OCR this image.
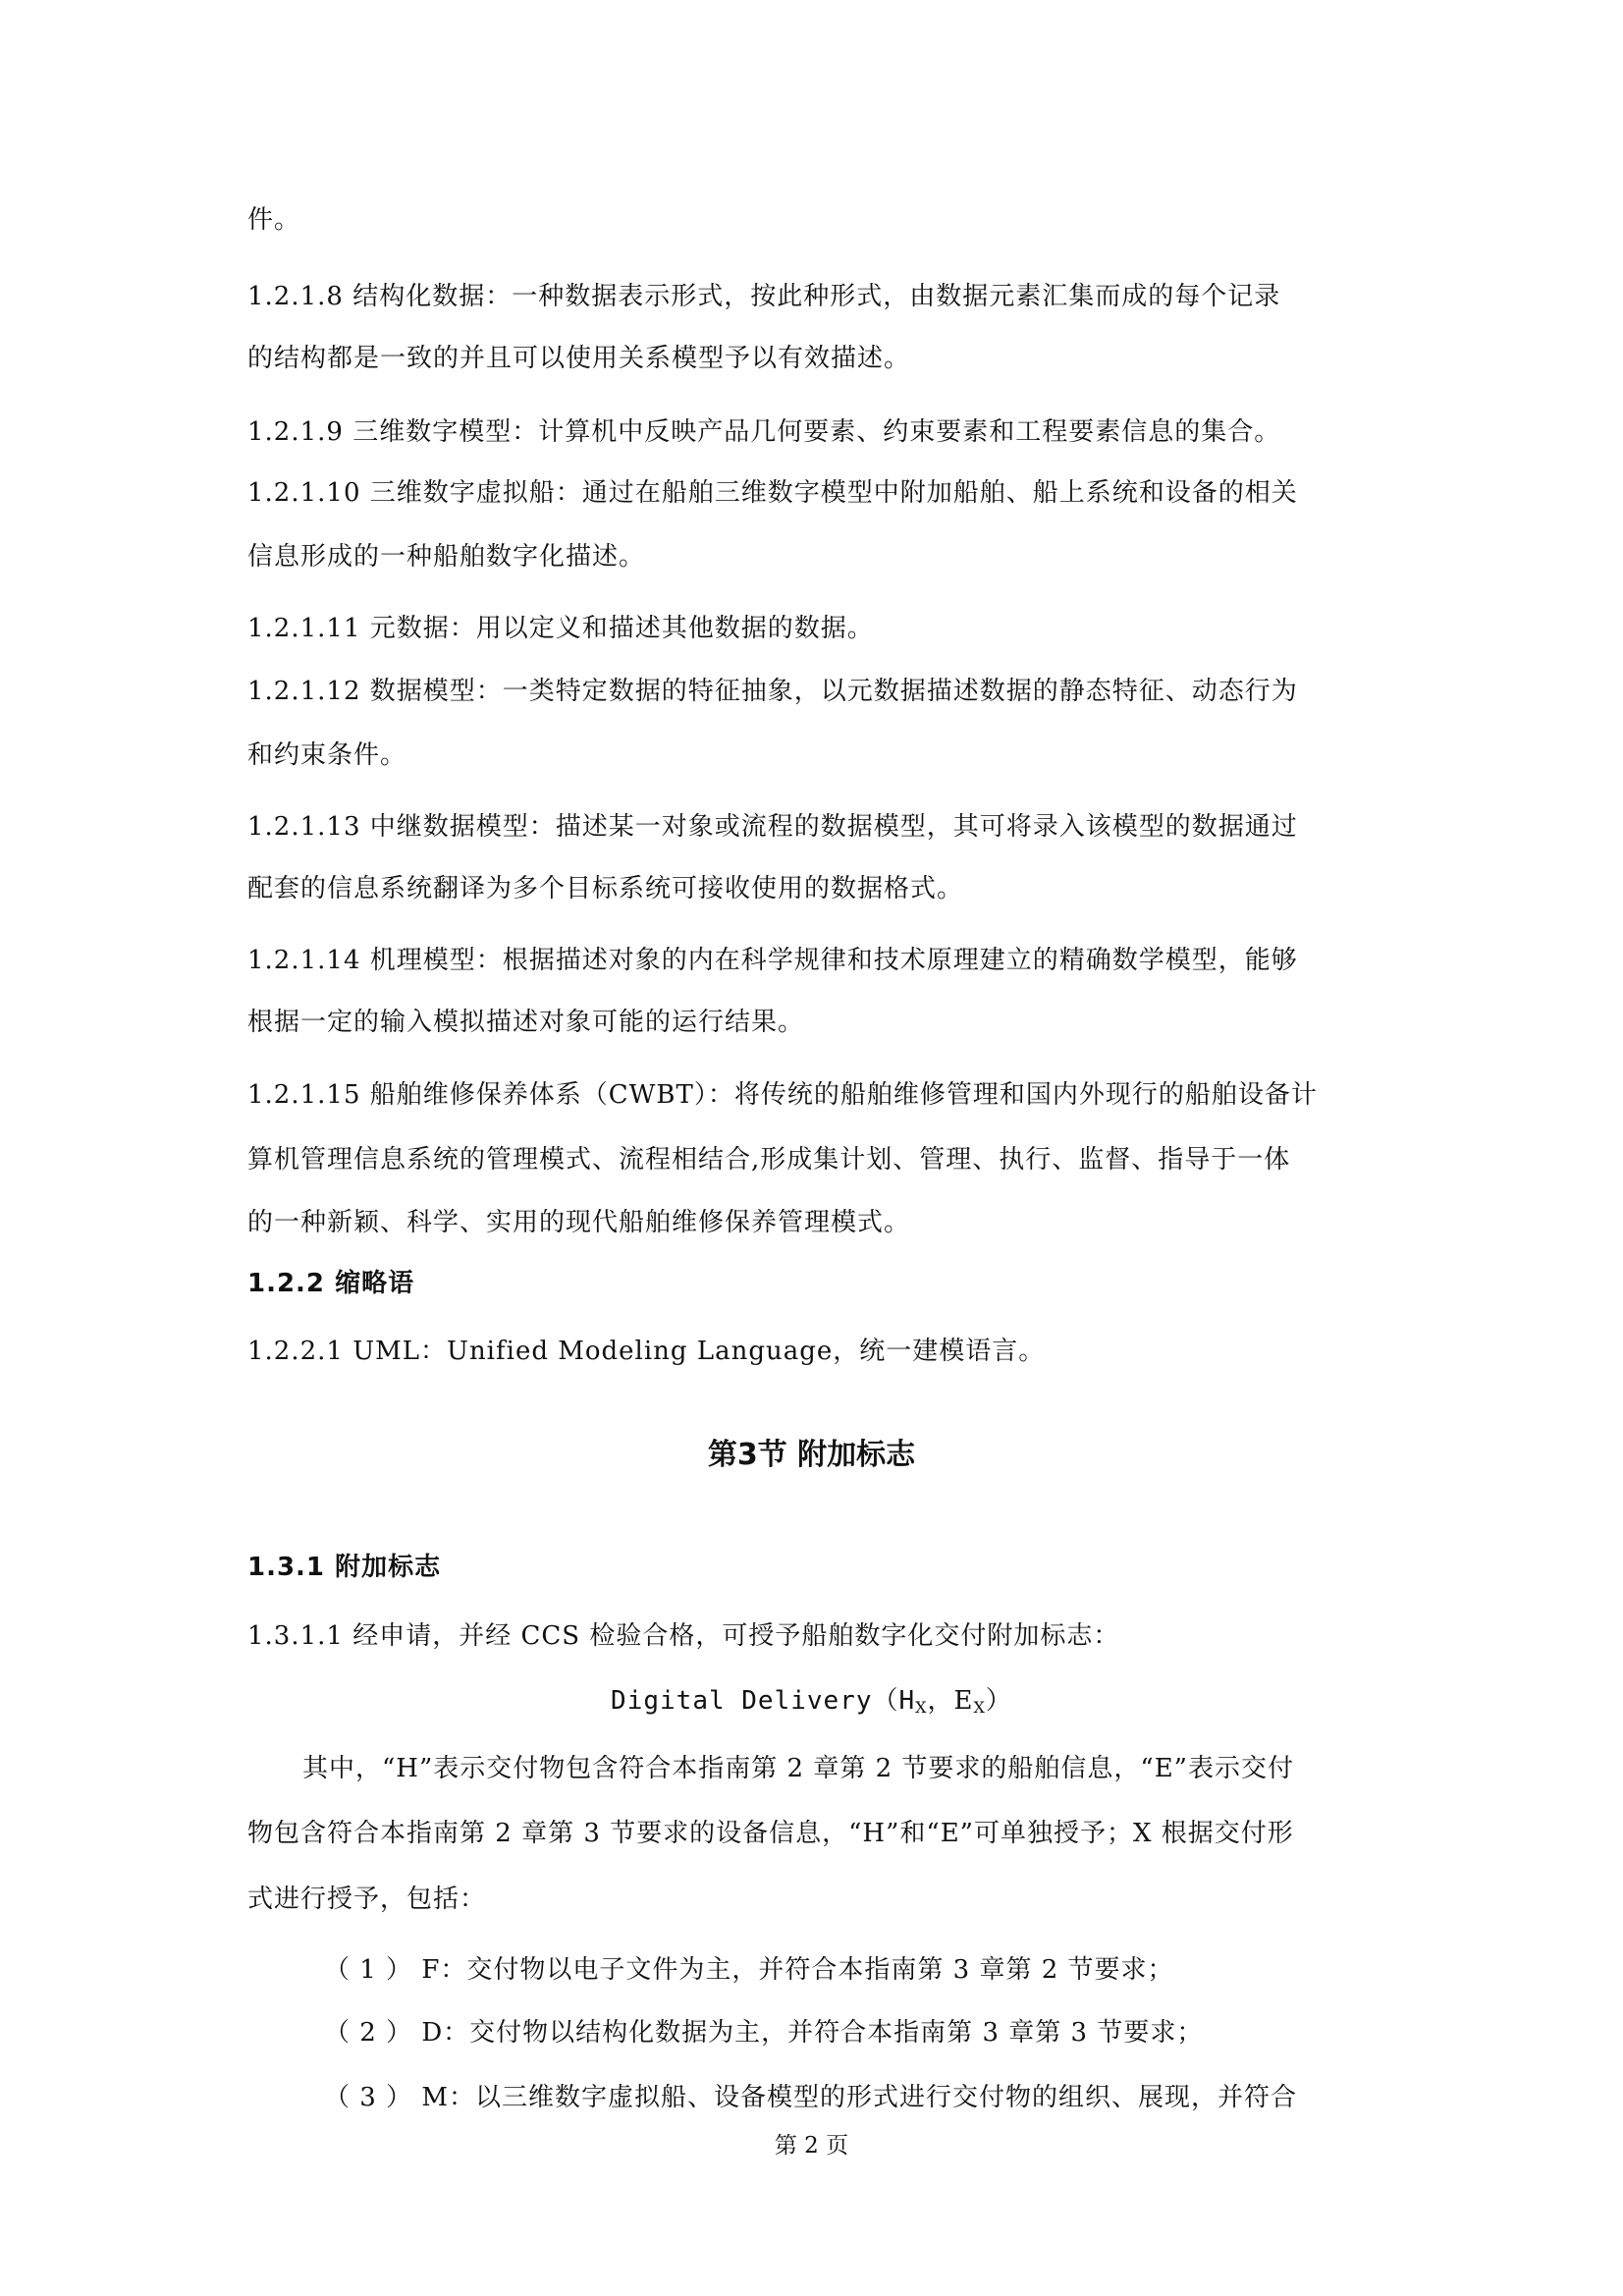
件。
1.2.1.8 结构化数据：一种数据表示形式，按此种形式，由数据元素汇集而成的每个记录
的结构都是一致的并且可以使用关系模型予以有效描述。
1.2.1.9 三维数字模型：计算机中反映产品几何要素、约束要素和工程要素信息的集合。
1.2.1.10 三维数字虚拟船：通过在船舶三维数字模型中附加船舶、船上系统和设备的相关
信息形成的一种船舶数字化描述。
1.2.1.11 元数据：用以定义和描述其他数据的数据。
1.2.1.12 数据模型：一类特定数据的特征抽象，以元数据描述数据的静态特征、动态行为
和约束条件。
1.2.1.13 中继数据模型：描述某一对象或流程的数据模型，其可将录入该模型的数据通过
配套的信息系统翻译为多个目标系统可接收使用的数据格式。
1.2.1.14 机理模型：根据描述对象的内在科学规律和技术原理建立的精确数学模型，能够
根据一定的输入模拟描述对象可能的运行结果。
1.2.1.15 船舶维修保养体系（CWBT）：将传统的船舶维修管理和国内外现行的船舶设备计
算机管理信息系统的管理模式、流程相结合,形成集计划、管理、执行、监督、指导于一体
的一种新颖、科学、实用的现代船舶维修保养管理模式。
1.2.2 缩略语
1.2.2.1 UML：Unified Modeling Language，统一建模语言。
第3节 附加标志
1.3.1 附加标志
1.3.1.1 经申请，并经 CCS 检验合格，可授予船舶数字化交付附加标志：
Digital $Delivery(H_X$，$E_X$）
其中，“H”表示交付物包含符合本指南第 2 章第 2 节要求的船舶信息，“E”表示交付
物包含符合本指南第 2 章第 3 节要求的设备信息，“H”和“E”可单独授予；X 根据交付形
式进行授予，包括：
（ 1 ） F：交付物以电子文件为主，并符合本指南第 3 章第 2 节要求；
（ 2 ） D：交付物以结构化数据为主，并符合本指南第 3 章第 3 节要求；
（ 3 ） M：以三维数字虚拟船、设备模型的形式进行交付物的组织、展现，并符合
第 2 页
